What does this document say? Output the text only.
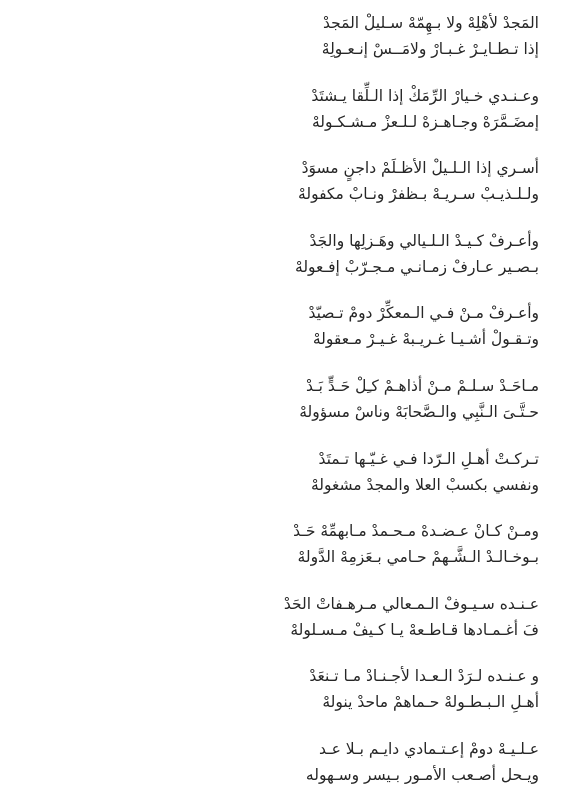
المَجدْ لأهْلِهْ ولا بـهِمّهْ سـليلْ المَجدْ
إذا تـطـايـرْ غـبـارْ ولامَــسْ إنـعـولِهْ
وعـنـدي خـيارْ الرِّمَكْ إذا الـلِّقا يـشتَدْ
إمضَـمَّرَهْ وجـاهـزهْ لـلـعزْ مـشـكـولهْ
أسـري إذا الـلـيلْ الأظـلَمْ داجنٍ مسوَدْ
ولـلـذيـبْ سـريـهْ بـظفرْ ونـابْ مكفولهْ
وأعـرفْ كـيـدْ الـلـيالي وهَـزلِها والجَدْ
بـصـير عـارفْ زمـانـي مـجـرّبْ إفـعولهْ
وأعـرفْ مـنْ فـي الـمعكِّرْ دومْ تـصيّدْ
وتـقـولْ أشـيـا غـريـبهْ غـيـرْ مـعقولهْ
مـاحَـدْ سـلـمْ مـنْ أذاهـمْ كـِلْ حَـدٍّ بَـدْ
حـتَّـىَ الـنَّبِي والـصَّحابَهْ وناسْ مسؤولهْ
تـركـتْ أهـلِ الـرّدا فـي غـيّـها تـمتَدْ
ونفسي بكسبْ العلا والمجدْ مشغولهْ
ومـنْ كـانْ عـضـدهْ مـحـمدْ مـابهمِّهْ حَـدْ
بـوخـالـدْ الـشَّـهمْ حـامي بـعَزمِهْ الدَّولهْ
عـنـده سـيـوفْ الـمـعالي مـرهـفاتْ الحَدْ
فَ أغـمـادها قـاطـعهْ يـا كـيفْ مـسـلولهْ
و عـنـده لـرَدْ الـعـدا لأجـنـادْ مـا تـنعَدْ
أهـلِ الـبـطـولهْ حـماهمْ ماحدْ ينولهْ
عـلـيـهْ دومْ إعـتـمادي دايـم بـلا عـد
ويـحل أصـعب الأمـور بـيسر وسـهوله
